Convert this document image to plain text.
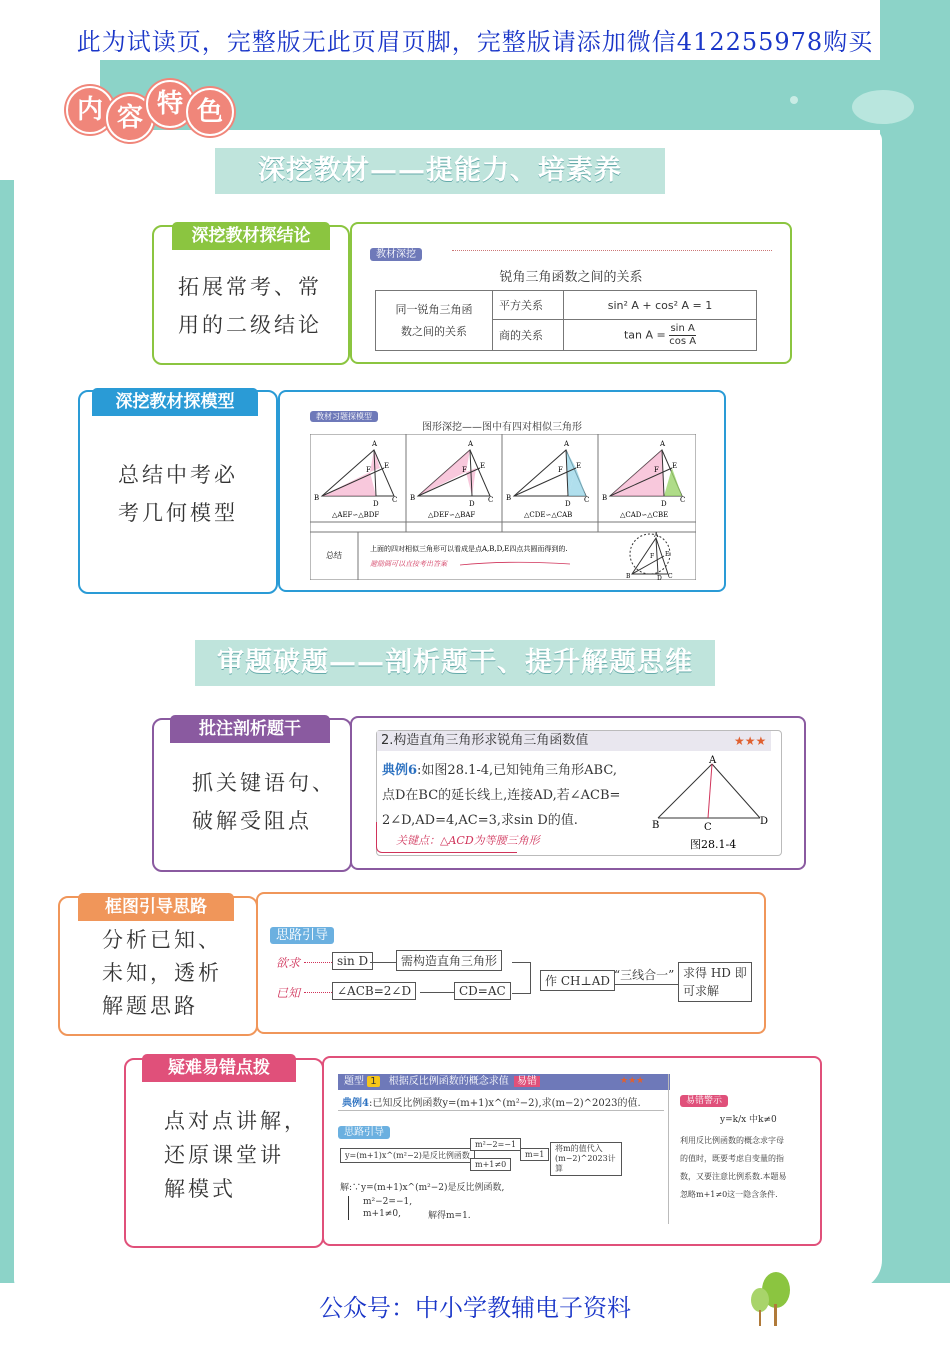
此为试读页，完整版无此页眉页脚，完整版请添加微信412255978购买
内 容 特 色
深挖教材——提能力、培素养
深挖教材探结论
拓展常考、常
用的二级结论
教材深挖
锐角三角函数之间的关系
同一锐角三角函
数之间的关系	平方关系	sin² A + cos² A = 1
	商的关系	$\tan A = \frac{\text{sin A}}{\text{cos A}}$
深挖教材探模型
总结中考必
考几何模型
教材习题探模型
图形深挖——图中有四对相似三角形
A
B	C
D
E
F
A
B	C
D
E
F
A
B	C
D
E
F
A
B	C
D
E
F
△AEF∽△BDF	△DEF∽△BAF	△CDE∽△CAB	△CAD∽△CBE
总结
上面的四对相似三角形可以看成是点A,B,D,E四点共圆而得到的.
避励圆可以直接考出答案
A
B	C
D
E
F
审题破题——剖析题干、提升解题思维
批注剖析题干
抓关键语句、
破解受阻点
2.构造直角三角形求锐角三角函数值	★★★
典例6:如图28.1-4,已知钝角三角形ABC,
点D在BC的延长线上,连接AD,若∠ACB=
2∠D,AD=4,AC=3,求sin D的值.
关键点：△ACD为等腰三角形
A
B	C
D
图28.1-4
框图引导思路
分析已知、
未知，透析
解题思路
思路引导
欲求
已知
sin D	需构造直角三角形
∠ACB=2∠D	CD=AC
作 CH⊥AD “三线合一” 求得 HD 即
可求解
疑难易错点拨
点对点讲解，
还原课堂讲
解模式
题型 1 根据反比例函数的概念求值 易错	★★★
典例4:已知反比例函数y=(m+1)x^(m²−2),求(m−2)^2023的值.
思路引导
y=(m+1)x^(m²−2)是反比例函数
m²−2=−1
m+1≠0
m=1
将m的值代入(m−2)^2023计算
解:∵y=(m+1)x^(m²−2)是反比例函数,
m²−2=−1,
m+1≠0,	解得m=1.
易错警示
y=k/x 中k≠0
利用反比例函数的概念求字母
的值时，既要考虑自变量的指
数，又要注意比例系数.本题易
忽略m+1≠0这一隐含条件.
公众号：中小学教辅电子资料
